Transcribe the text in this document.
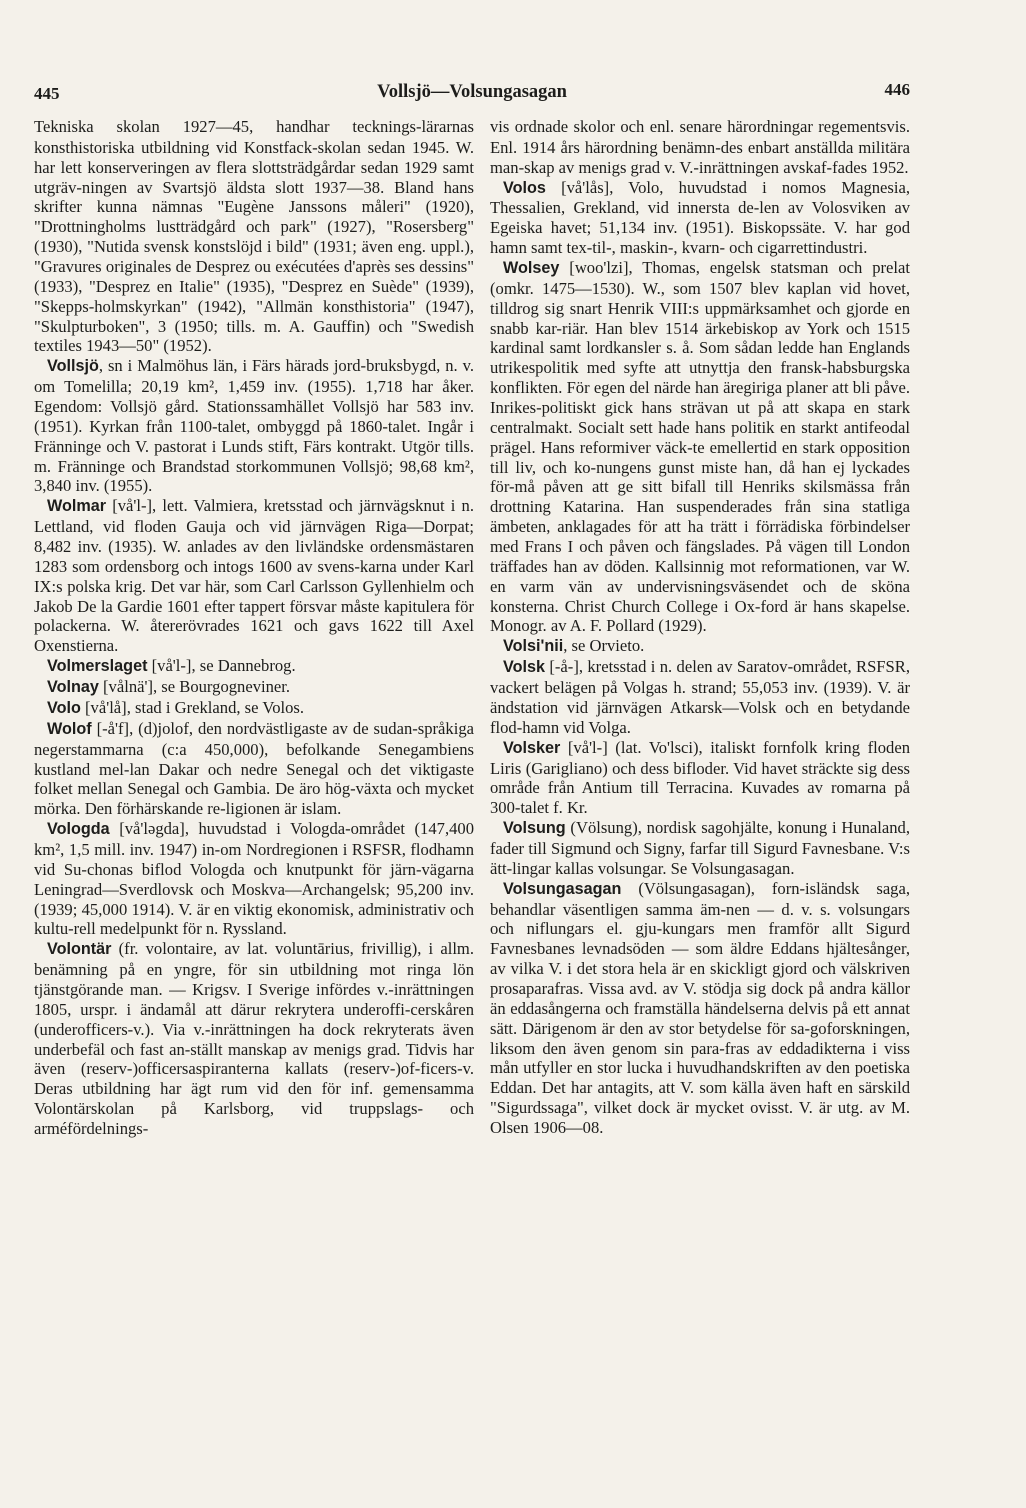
445	Vollsjö—Volsungasagan	446

Tekniska skolan 1927—45, handhar tecknings-lärarnas konsthistoriska utbildning vid Konstfack-skolan sedan 1945. W. har lett konserveringen av flera slottsträdgårdar sedan 1929 samt utgräv-ningen av Svartsjö äldsta slott 1937—38. Bland hans skrifter kunna nämnas "Eugène Janssons måleri" (1920), "Drottningholms lustträdgård och park" (1927), "Rosersberg" (1930), "Nutida svensk konstslöjd i bild" (1931; även eng. uppl.), "Gravures originales de Desprez ou exécutées d'après ses dessins" (1933), "Desprez en Italie" (1935), "Desprez en Suède" (1939), "Skepps-holmskyrkan" (1942), "Allmän konsthistoria" (1947), "Skulpturboken", 3 (1950; tills. m. A. Gauffin) och "Swedish textiles 1943—50" (1952).

Vollsjö, sn i Malmöhus län, i Färs härads jord-bruksbygd, n. v. om Tomelilla; 20,19 km², 1,459 inv. (1955). 1,718 har åker. Egendom: Vollsjö gård. Stationssamhället Vollsjö har 583 inv. (1951). Kyrkan från 1100-talet, ombyggd på 1860-talet. Ingår i Fränninge och V. pastorat i Lunds stift, Färs kontrakt. Utgör tills. m. Fränninge och Brandstad storkommunen Vollsjö; 98,68 km², 3,840 inv. (1955).

Wolmar [vå'l-], lett. Valmiera, kretsstad och järnvägsknut i n. Lettland, vid floden Gauja och vid järnvägen Riga—Dorpat; 8,482 inv. (1935). W. anlades av den livländske ordensmästaren 1283 som ordensborg och intogs 1600 av svens-karna under Karl IX:s polska krig. Det var här, som Carl Carlsson Gyllenhielm och Jakob De la Gardie 1601 efter tappert försvar måste kapitulera för polackerna. W. återerövrades 1621 och gavs 1622 till Axel Oxenstierna.

Volmerslaget [vå'l-], se Dannebrog.

Volnay [vålnä'], se Bourgogneviner.

Volo [vå'lå], stad i Grekland, se Volos.

Wolof [-å'f], (d)jolof, den nordvästligaste av de sudan-språkiga negerstammarna (c:a 450,000), befolkande Senegambiens kustland mel-lan Dakar och nedre Senegal och det viktigaste folket mellan Senegal och Gambia. De äro hög-växta och mycket mörka. Den förhärskande re-ligionen är islam.

Vologda [vå'lәgda], huvudstad i Vologda-området (147,400 km², 1,5 mill. inv. 1947) in-om Nordregionen i RSFSR, flodhamn vid Su-chonas biflod Vologda och knutpunkt för järn-vägarna Leningrad—Sverdlovsk och Moskva—Archangelsk; 95,200 inv. (1939; 45,000 1914). V. är en viktig ekonomisk, administrativ och kultu-rell medelpunkt för n. Ryssland.

Volontär (fr. volontaire, av lat. voluntārius, frivillig), i allm. benämning på en yngre, för sin utbildning mot ringa lön tjänstgörande man. — Krigsv. I Sverige infördes v.-inrättningen 1805, urspr. i ändamål att därur rekrytera underoffi-cerskåren (underofficers-v.). Via v.-inrättningen ha dock rekryterats även underbefäl och fast an-ställt manskap av menigs grad. Tidvis har även (reserv-)officersaspiranterna kallats (reserv-)of-ficers-v. Deras utbildning har ägt rum vid den för inf. gemensamma Volontärskolan på Karlsborg, vid truppslags- och arméfördelnings-

vis ordnade skolor och enl. senare härordningar regementsvis. Enl. 1914 års härordning benämn-des enbart anställda militära man-skap av menigs grad v. V.-inrättningen avskaf-fades 1952.

Volos [vå'lås], Volo, huvudstad i nomos Magnesia, Thessalien, Grekland, vid innersta de-len av Volosviken av Egeiska havet; 51,134 inv. (1951). Biskopssäte. V. har god hamn samt tex-til-, maskin-, kvarn- och cigarrettindustri.

Wolsey [woo'lzi], Thomas, engelsk statsman och prelat (omkr. 1475—1530). W., som 1507 blev kaplan vid hovet, tilldrog sig snart Henrik VIII:s uppmärksamhet och gjorde en snabb kar-riär. Han blev 1514 ärkebiskop av York och 1515 kardinal samt lordkansler s. å. Som sådan ledde han Englands utrikespolitik med syfte att utnyttja den fransk-habsburgska konflikten. För egen del närde han äregiriga planer att bli påve. Inrikes-politiskt gick hans strävan ut på att skapa en stark centralmakt. Socialt sett hade hans politik en starkt antifeodal prägel. Hans reformiver väck-te emellertid en stark opposition till liv, och ko-nungens gunst miste han, då han ej lyckades för-må påven att ge sitt bifall till Henriks skilsmässa från drottning Katarina. Han suspenderades från sina statliga ämbeten, anklagades för att ha trätt i förrädiska förbindelser med Frans I och påven och fängslades. På vägen till London träffades han av döden. Kallsinnig mot reformationen, var W. en varm vän av undervisningsväsendet och de sköna konsterna. Christ Church College i Ox-ford är hans skapelse. Monogr. av A. F. Pollard (1929).

Volsi'nii, se Orvieto.

Volsk [-å-], kretsstad i n. delen av Saratov-området, RSFSR, vackert belägen på Volgas h. strand; 55,053 inv. (1939). V. är ändstation vid järnvägen Atkarsk—Volsk och en betydande flod-hamn vid Volga.

Volsker [vå'l-] (lat. Vo'lsci), italiskt fornfolk kring floden Liris (Garigliano) och dess bifloder. Vid havet sträckte sig dess område från Antium till Terracina. Kuvades av romarna på 300-talet f. Kr.

Volsung (Völsung), nordisk sagohjälte, konung i Hunaland, fader till Sigmund och Signy, farfar till Sigurd Favnesbane. V:s ätt-lingar kallas volsungar. Se Volsungasagan.

Volsungasagan (Völsungasagan), forn-isländsk saga, behandlar väsentligen samma äm-nen — d. v. s. volsungars och niflungars el. gju-kungars men framför allt Sigurd Favnesbanes levnadsöden — som äldre Eddans hjältesånger, av vilka V. i det stora hela är en skickligt gjord och välskriven prosaparafras. Vissa avd. av V. stödja sig dock på andra källor än eddasångerna och framställa händelserna delvis på ett annat sätt. Därigenom är den av stor betydelse för sa-goforskningen, liksom den även genom sin para-fras av eddadikterna i viss mån utfyller en stor lucka i huvudhandskriften av den poetiska Eddan. Det har antagits, att V. som källa även haft en särskild "Sigurdssaga", vilket dock är mycket ovisst. V. är utg. av M. Olsen 1906—08.
